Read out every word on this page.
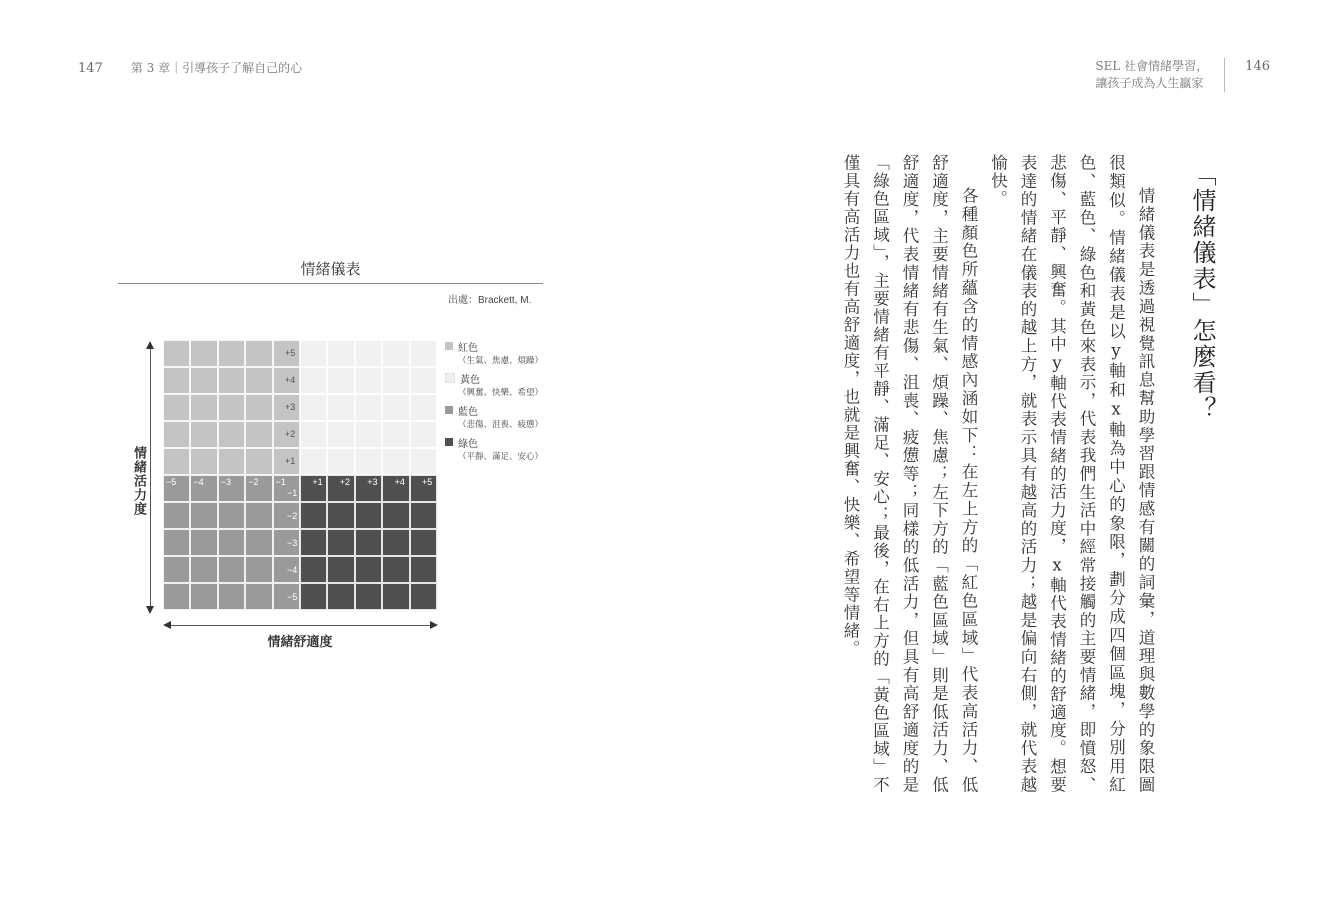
147 第 3 章｜引導孩子了解自己的心	SEL 社會情緒學習，
讓孩子成為人生贏家
146
情緒儀表
出處：Brackett, M.
−5 −4 −3 −2 −1	+1 +2 +3 +4 +5
+5
+4
+3
+2
+1
−1
−2
−3
−4
−5
情緒活力度
情緒舒適度
紅色
（生氣、焦慮、煩躁）
黃色
（興奮、快樂、希望）
藍色
（悲傷、沮喪、疲憊）
綠色
（平靜、滿足、安心）
「情緒儀表」怎麼看？

情緒儀表是透過視覺訊息幫助學習跟情感有關的詞彙，道理與數學的象限圖很類似。情緒儀表是以y軸和x軸為中心的象限，劃分成四個區塊，分別用紅色、藍色、綠色和黃色來表示，代表我們生活中經常接觸的主要情緒，即憤怒、悲傷、平靜、興奮。其中y軸代表情緒的活力度，x軸代表情緒的舒適度。想要表達的情緒在儀表的越上方，就表示具有越高的活力；越是偏向右側，就代表越愉快。

各種顏色所蘊含的情感內涵如下：在左上方的「紅色區域」代表高活力、低舒適度，主要情緒有生氣、煩躁、焦慮；左下方的「藍色區域」則是低活力、低舒適度，代表情緒有悲傷、沮喪、疲憊等；同樣的低活力，但具有高舒適度的是「綠色區域」，主要情緒有平靜、滿足、安心；最後，在右上方的「黃色區域」不僅具有高活力也有高舒適度，也就是興奮、快樂、希望等情緒。
